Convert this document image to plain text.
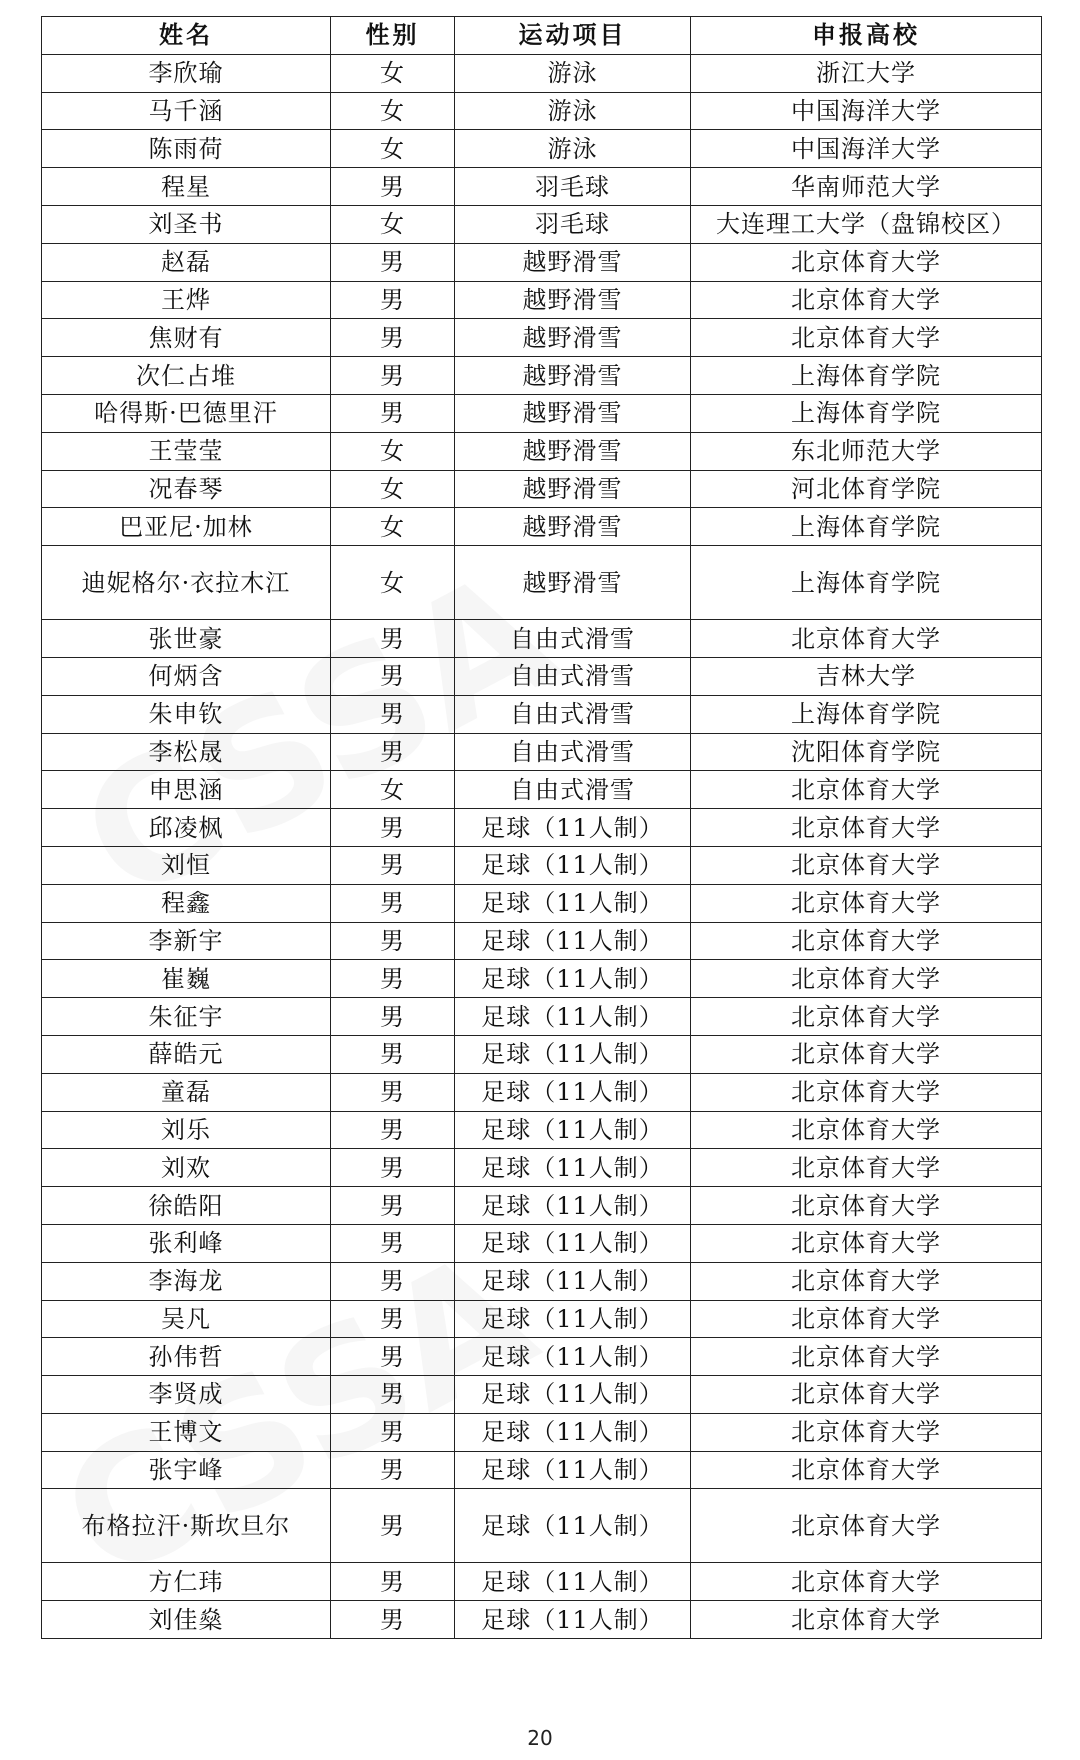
姓名	性别	运动项目	申报高校
李欣瑜	女	游泳	浙江大学
马千涵	女	游泳	中国海洋大学
陈雨荷	女	游泳	中国海洋大学
程星	男	羽毛球	华南师范大学
刘圣书	女	羽毛球	大连理工大学（盘锦校区）
赵磊	男	越野滑雪	北京体育大学
王烨	男	越野滑雪	北京体育大学
焦财有	男	越野滑雪	北京体育大学
次仁占堆	男	越野滑雪	上海体育学院
哈得斯·巴德里汗	男	越野滑雪	上海体育学院
王莹莹	女	越野滑雪	东北师范大学
况春琴	女	越野滑雪	河北体育学院
巴亚尼·加林	女	越野滑雪	上海体育学院
迪妮格尔·衣拉木江	女	越野滑雪	上海体育学院
张世豪	男	自由式滑雪	北京体育大学
何炳含	男	自由式滑雪	吉林大学
朱申钦	男	自由式滑雪	上海体育学院
李松晟	男	自由式滑雪	沈阳体育学院
申思涵	女	自由式滑雪	北京体育大学
邱凌枫	男	足球（11人制）	北京体育大学
刘恒	男	足球（11人制）	北京体育大学
程鑫	男	足球（11人制）	北京体育大学
李新宇	男	足球（11人制）	北京体育大学
崔巍	男	足球（11人制）	北京体育大学
朱征宇	男	足球（11人制）	北京体育大学
薛皓元	男	足球（11人制）	北京体育大学
童磊	男	足球（11人制）	北京体育大学
刘乐	男	足球（11人制）	北京体育大学
刘欢	男	足球（11人制）	北京体育大学
徐皓阳	男	足球（11人制）	北京体育大学
张利峰	男	足球（11人制）	北京体育大学
李海龙	男	足球（11人制）	北京体育大学
吴凡	男	足球（11人制）	北京体育大学
孙伟哲	男	足球（11人制）	北京体育大学
李贤成	男	足球（11人制）	北京体育大学
王博文	男	足球（11人制）	北京体育大学
张宇峰	男	足球（11人制）	北京体育大学
布格拉汗·斯坎旦尔	男	足球（11人制）	北京体育大学
方仁玮	男	足球（11人制）	北京体育大学
刘佳燊	男	足球（11人制）	北京体育大学
20
